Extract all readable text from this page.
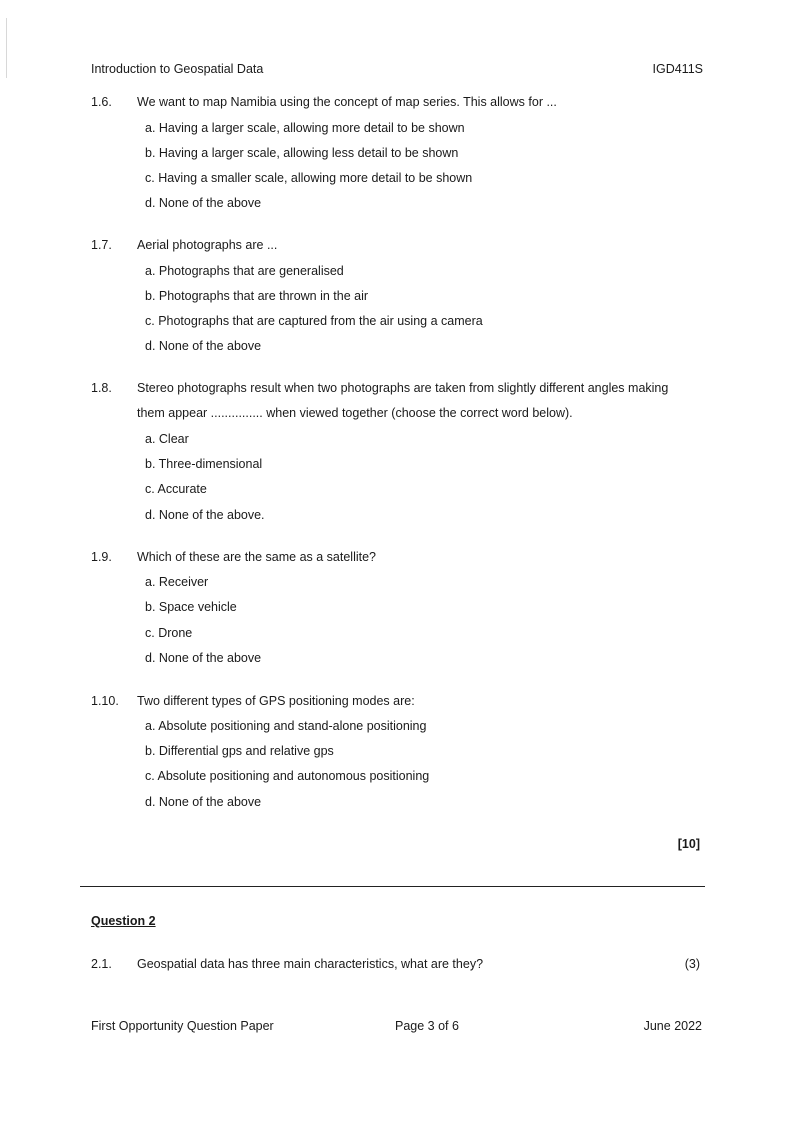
Introduction to Geospatial Data	IGD411S
1.6. We want to map Namibia using the concept of map series. This allows for ...
a. Having a larger scale, allowing more detail to be shown
b. Having a larger scale, allowing less detail to be shown
c. Having a smaller scale, allowing more detail to be shown
d. None of the above
1.7. Aerial photographs are ...
a. Photographs that are generalised
b. Photographs that are thrown in the air
c. Photographs that are captured from the air using a camera
d. None of the above
1.8. Stereo photographs result when two photographs are taken from slightly different angles making
them appear ............... when viewed together (choose the correct word below).
a. Clear
b. Three-dimensional
c. Accurate
d. None of the above.
1.9. Which of these are the same as a satellite?
a. Receiver
b. Space vehicle
c. Drone
d. None of the above
1.10. Two different types of GPS positioning modes are:
a. Absolute positioning and stand-alone positioning
b. Differential gps and relative gps
c. Absolute positioning and autonomous positioning
d. None of the above
[10]
Question 2
2.1. Geospatial data has three main characteristics, what are they?	(3)
First Opportunity Question Paper	Page 3 of 6	June 2022
